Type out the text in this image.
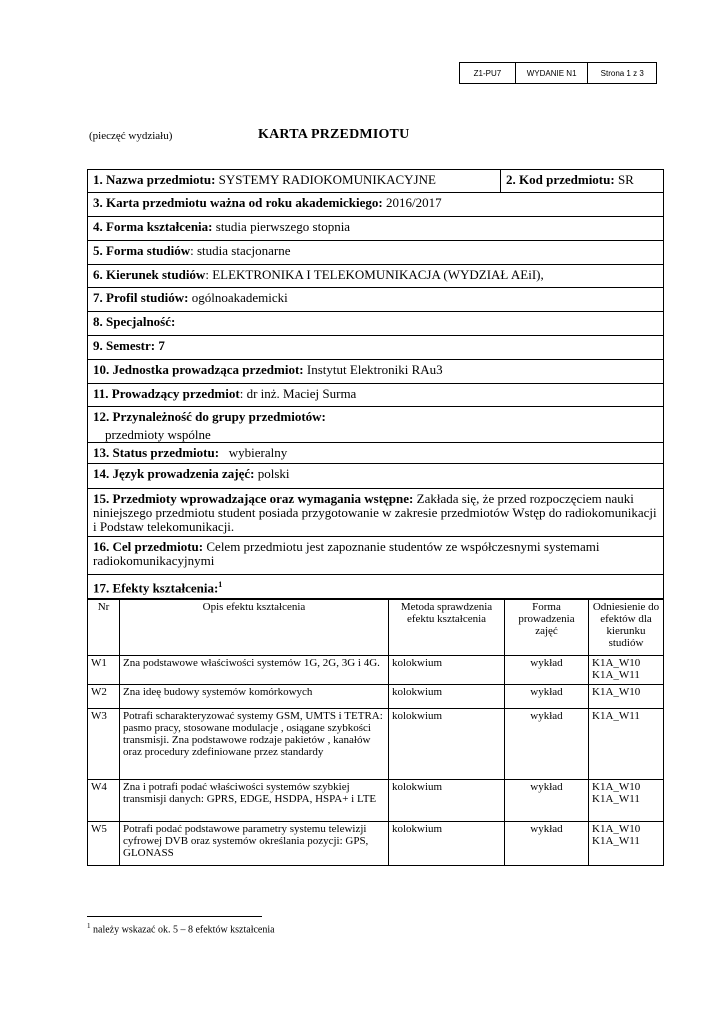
Z1-PU7	WYDANIE N1	Strona 1 z 3
(pieczęć wydziału)	KARTA PRZEDMIOTU
1. Nazwa przedmiotu: SYSTEMY RADIOKOMUNIKACYJNE	2. Kod przedmiotu: SR
3. Karta przedmiotu ważna od roku akademickiego: 2016/2017
4. Forma kształcenia: studia pierwszego stopnia
5. Forma studiów: studia stacjonarne
6. Kierunek studiów: ELEKTRONIKA I TELEKOMUNIKACJA (WYDZIAŁ AEiI),
7. Profil studiów: ogólnoakademicki
8. Specjalność:
9. Semestr: 7
10. Jednostka prowadząca przedmiot: Instytut Elektroniki RAu3
11. Prowadzący przedmiot: dr inż. Maciej Surma
12. Przynależność do grupy przedmiotów:
przedmioty wspólne
13. Status przedmiotu:   wybieralny
14. Język prowadzenia zajęć: polski
15. Przedmioty wprowadzające oraz wymagania wstępne: Zakłada się, że przed rozpoczęciem nauki niniejszego przedmiotu student posiada przygotowanie w zakresie przedmiotów Wstęp do radiokomunikacji i Podstaw telekomunikacji.
16. Cel przedmiotu: Celem przedmiotu jest zapoznanie studentów ze współczesnymi systemami radiokomunikacyjnymi
17. Efekty kształcenia:$^1$
Nr	Opis efektu kształcenia	Metoda sprawdzenia efektu kształcenia	Forma prowadzenia zajęć	Odniesienie do efektów dla kierunku studiów
W1	Zna podstawowe właściwości systemów 1G, 2G, 3G i 4G.	kolokwium	wykład	K1A_W10
K1A_W11
W2	Zna ideę budowy systemów komórkowych	kolokwium	wykład	K1A_W10
W3	Potrafi scharakteryzować systemy GSM, UMTS i TETRA: pasmo pracy, stosowane modulacje , osiągane szybkości transmisji. Zna podstawowe rodzaje pakietów , kanałów oraz procedury zdefiniowane przez standardy	kolokwium	wykład	K1A_W11
W4	Zna i potrafi podać właściwości systemów szybkiej transmisji danych: GPRS, EDGE, HSDPA, HSPA+ i LTE	kolokwium	wykład	K1A_W10
K1A_W11
W5	Potrafi podać podstawowe parametry systemu telewizji cyfrowej DVB oraz systemów określania pozycji: GPS, GLONASS	kolokwium	wykład	K1A_W10
K1A_W11
$^1$ należy wskazać ok. 5 – 8 efektów kształcenia
